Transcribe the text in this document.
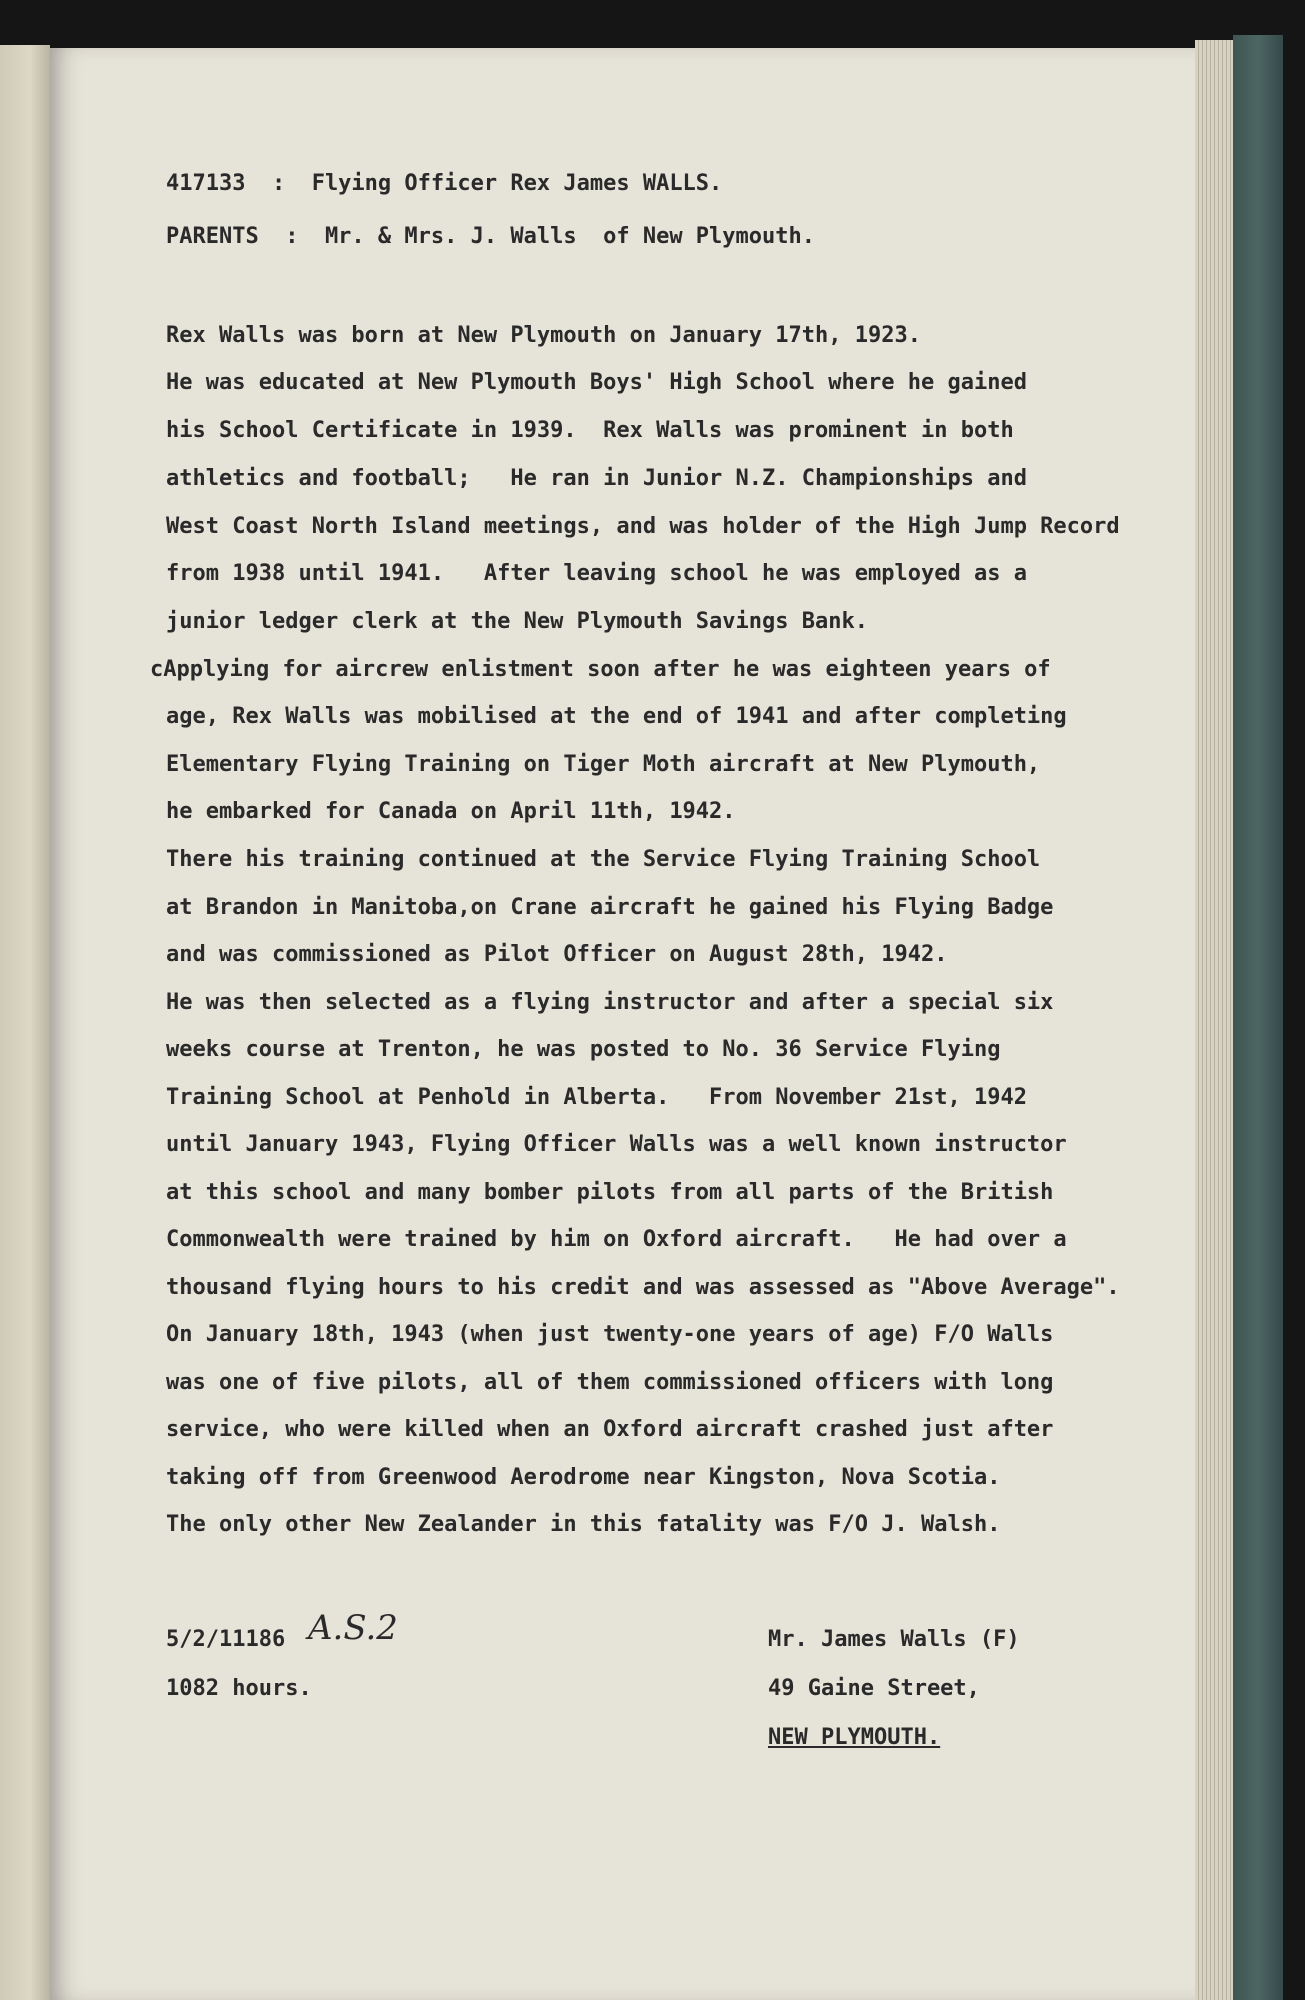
417133  :  Flying Officer Rex James WALLS.
PARENTS  :  Mr. & Mrs. J. Walls  of New Plymouth.
Rex Walls was born at New Plymouth on January 17th, 1923.
He was educated at New Plymouth Boys' High School where he gained
his School Certificate in 1939.  Rex Walls was prominent in both
athletics and football;   He ran in Junior N.Z. Championships and
West Coast North Island meetings, and was holder of the High Jump Record
from 1938 until 1941.   After leaving school he was employed as a
junior ledger clerk at the New Plymouth Savings Bank.
cApplying for aircrew enlistment soon after he was eighteen years of
age, Rex Walls was mobilised at the end of 1941 and after completing
Elementary Flying Training on Tiger Moth aircraft at New Plymouth,
he embarked for Canada on April 11th, 1942.
There his training continued at the Service Flying Training School
at Brandon in Manitoba,on Crane aircraft he gained his Flying Badge
and was commissioned as Pilot Officer on August 28th, 1942.
He was then selected as a flying instructor and after a special six
weeks course at Trenton, he was posted to No. 36 Service Flying
Training School at Penhold in Alberta.   From November 21st, 1942
until January 1943, Flying Officer Walls was a well known instructor
at this school and many bomber pilots from all parts of the British
Commonwealth were trained by him on Oxford aircraft.   He had over a
thousand flying hours to his credit and was assessed as "Above Average".
On January 18th, 1943 (when just twenty-one years of age) F/O Walls
was one of five pilots, all of them commissioned officers with long
service, who were killed when an Oxford aircraft crashed just after
taking off from Greenwood Aerodrome near Kingston, Nova Scotia.
The only other New Zealander in this fatality was F/O J. Walsh.
5/2/11186 A.S.2
1082 hours.
Mr. James Walls (F)
49 Gaine Street,
NEW PLYMOUTH.
